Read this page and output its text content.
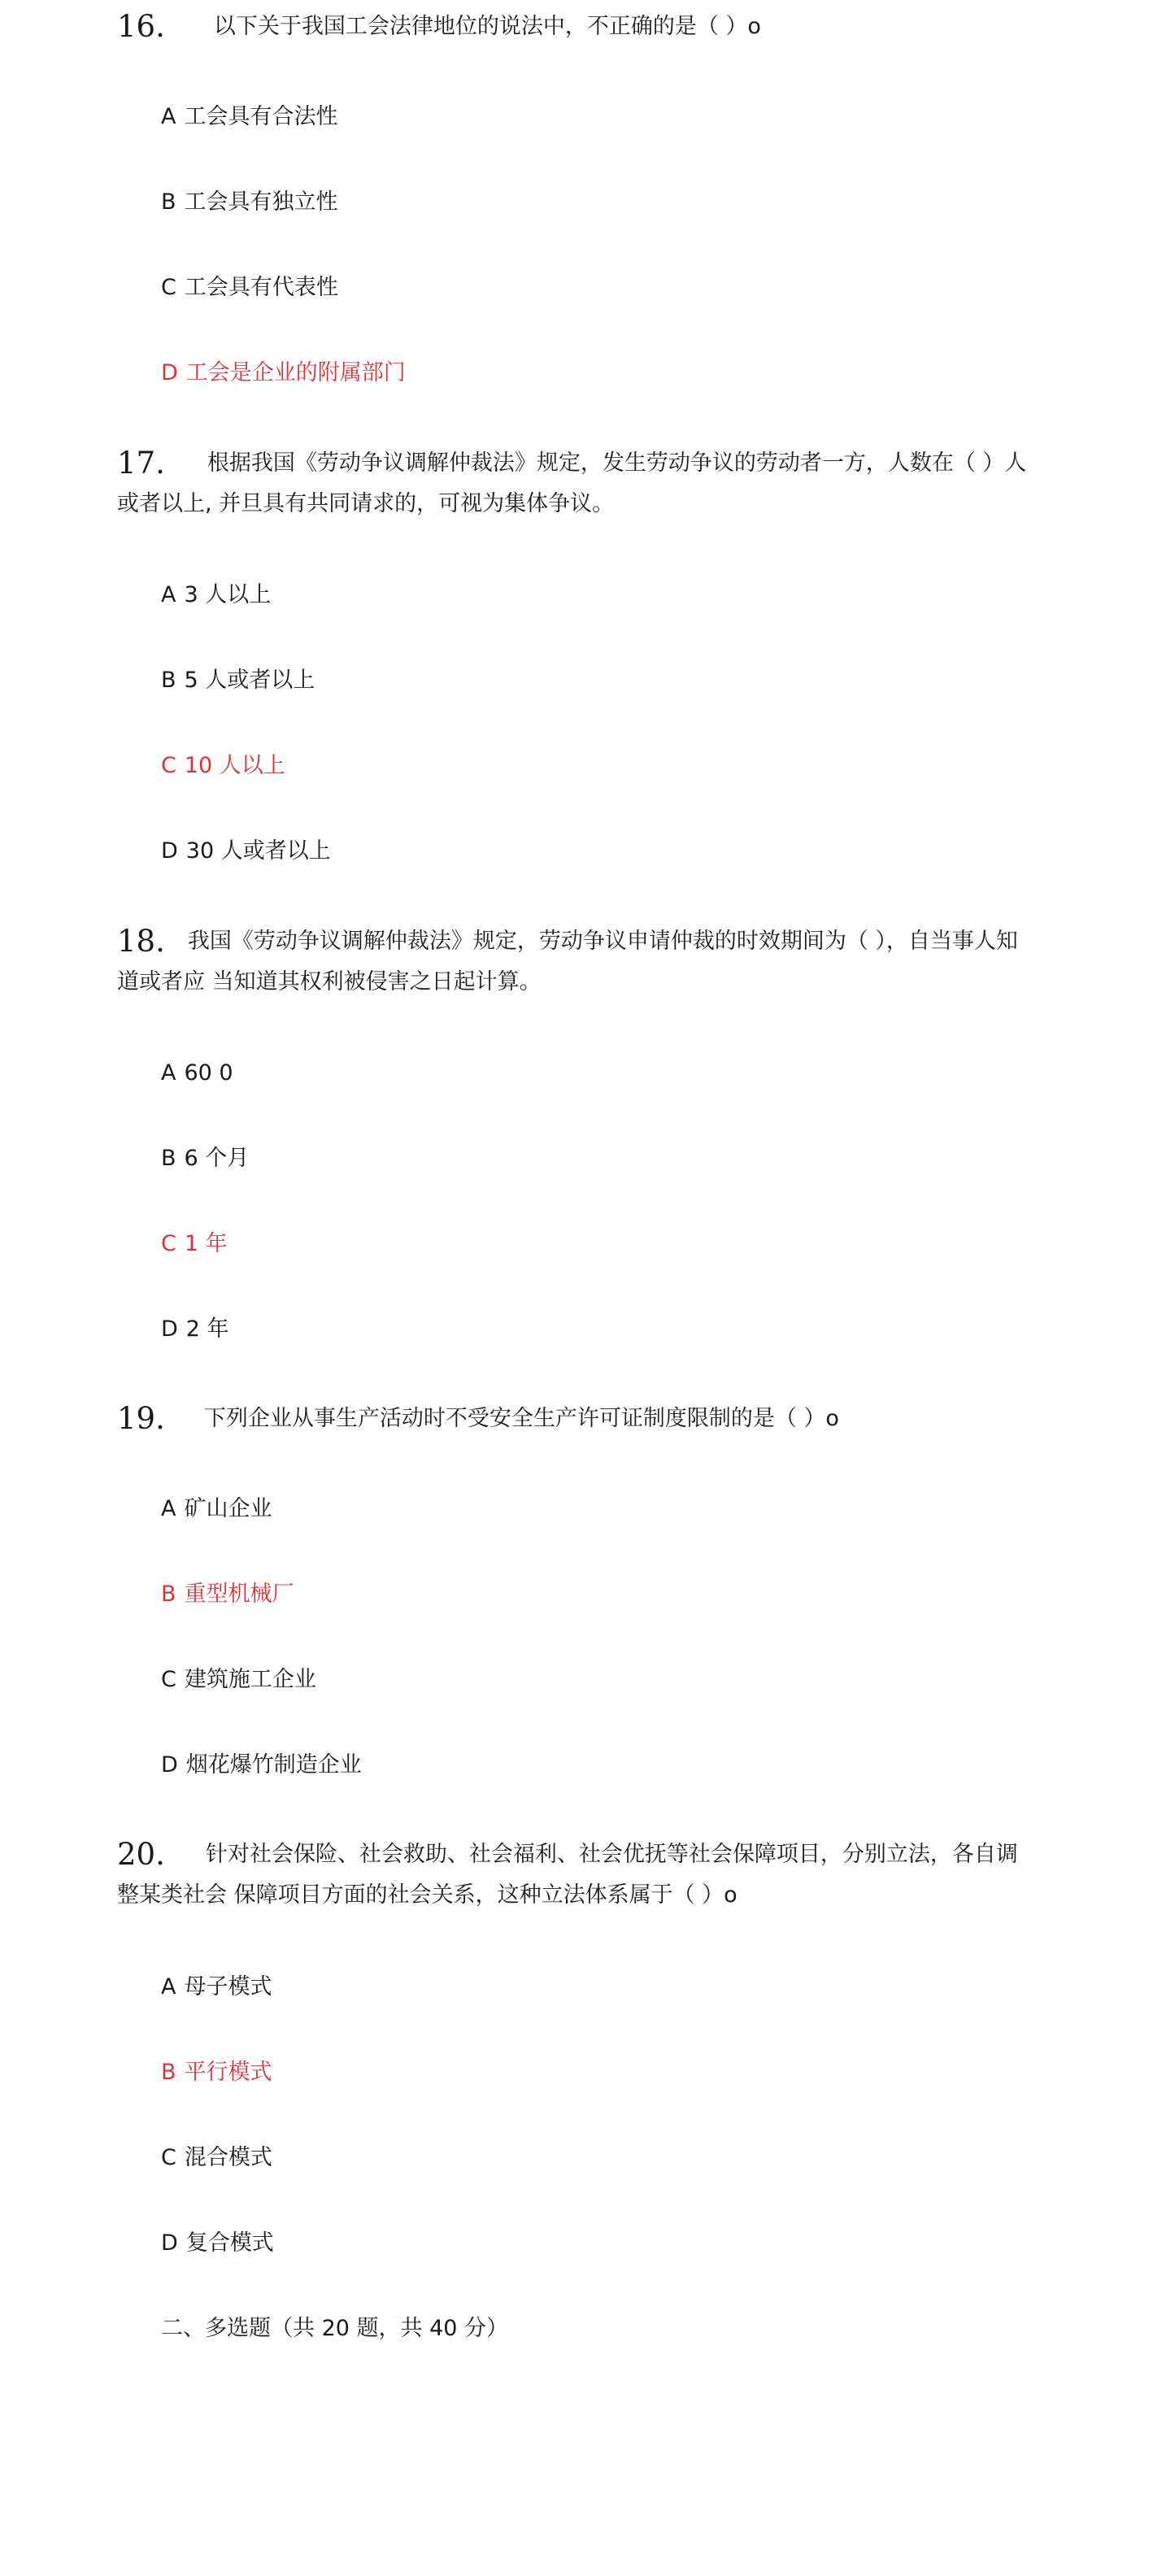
16. 以下关于我国工会法律地位的说法中，不正确的是（ ）o
A 工会具有合法性
B 工会具有独立性
C 工会具有代表性
D 工会是企业的附属部门
17. 根据我国《劳动争议调解仲裁法》规定，发生劳动争议的劳动者一方，人数在（ ）人或者以上, 并旦具有共同请求的，可视为集体争议。
A 3 人以上
B 5 人或者以上
C 10 人以上
D 30 人或者以上
18. 我国《劳动争议调解仲裁法》规定，劳动争议申请仲裁的时效期间为（ ），自当事人知道或者应 当知道其权利被侵害之日起计算。
A 60 0
B 6 个月
C 1 年
D 2 年
19. 下列企业从事生产活动时不受安全生产许可证制度限制的是（ ）o
A 矿山企业
B 重型机械厂
C 建筑施工企业
D 烟花爆竹制造企业
20. 针对社会保险、社会救助、社会福利、社会优抚等社会保障项目，分别立法，各自调整某类社会 保障项目方面的社会关系，这种立法体系属于（ ）o
A 母子模式
B 平行模式
C 混合模式
D 复合模式
二、多选题（共 20 题，共 40 分）
